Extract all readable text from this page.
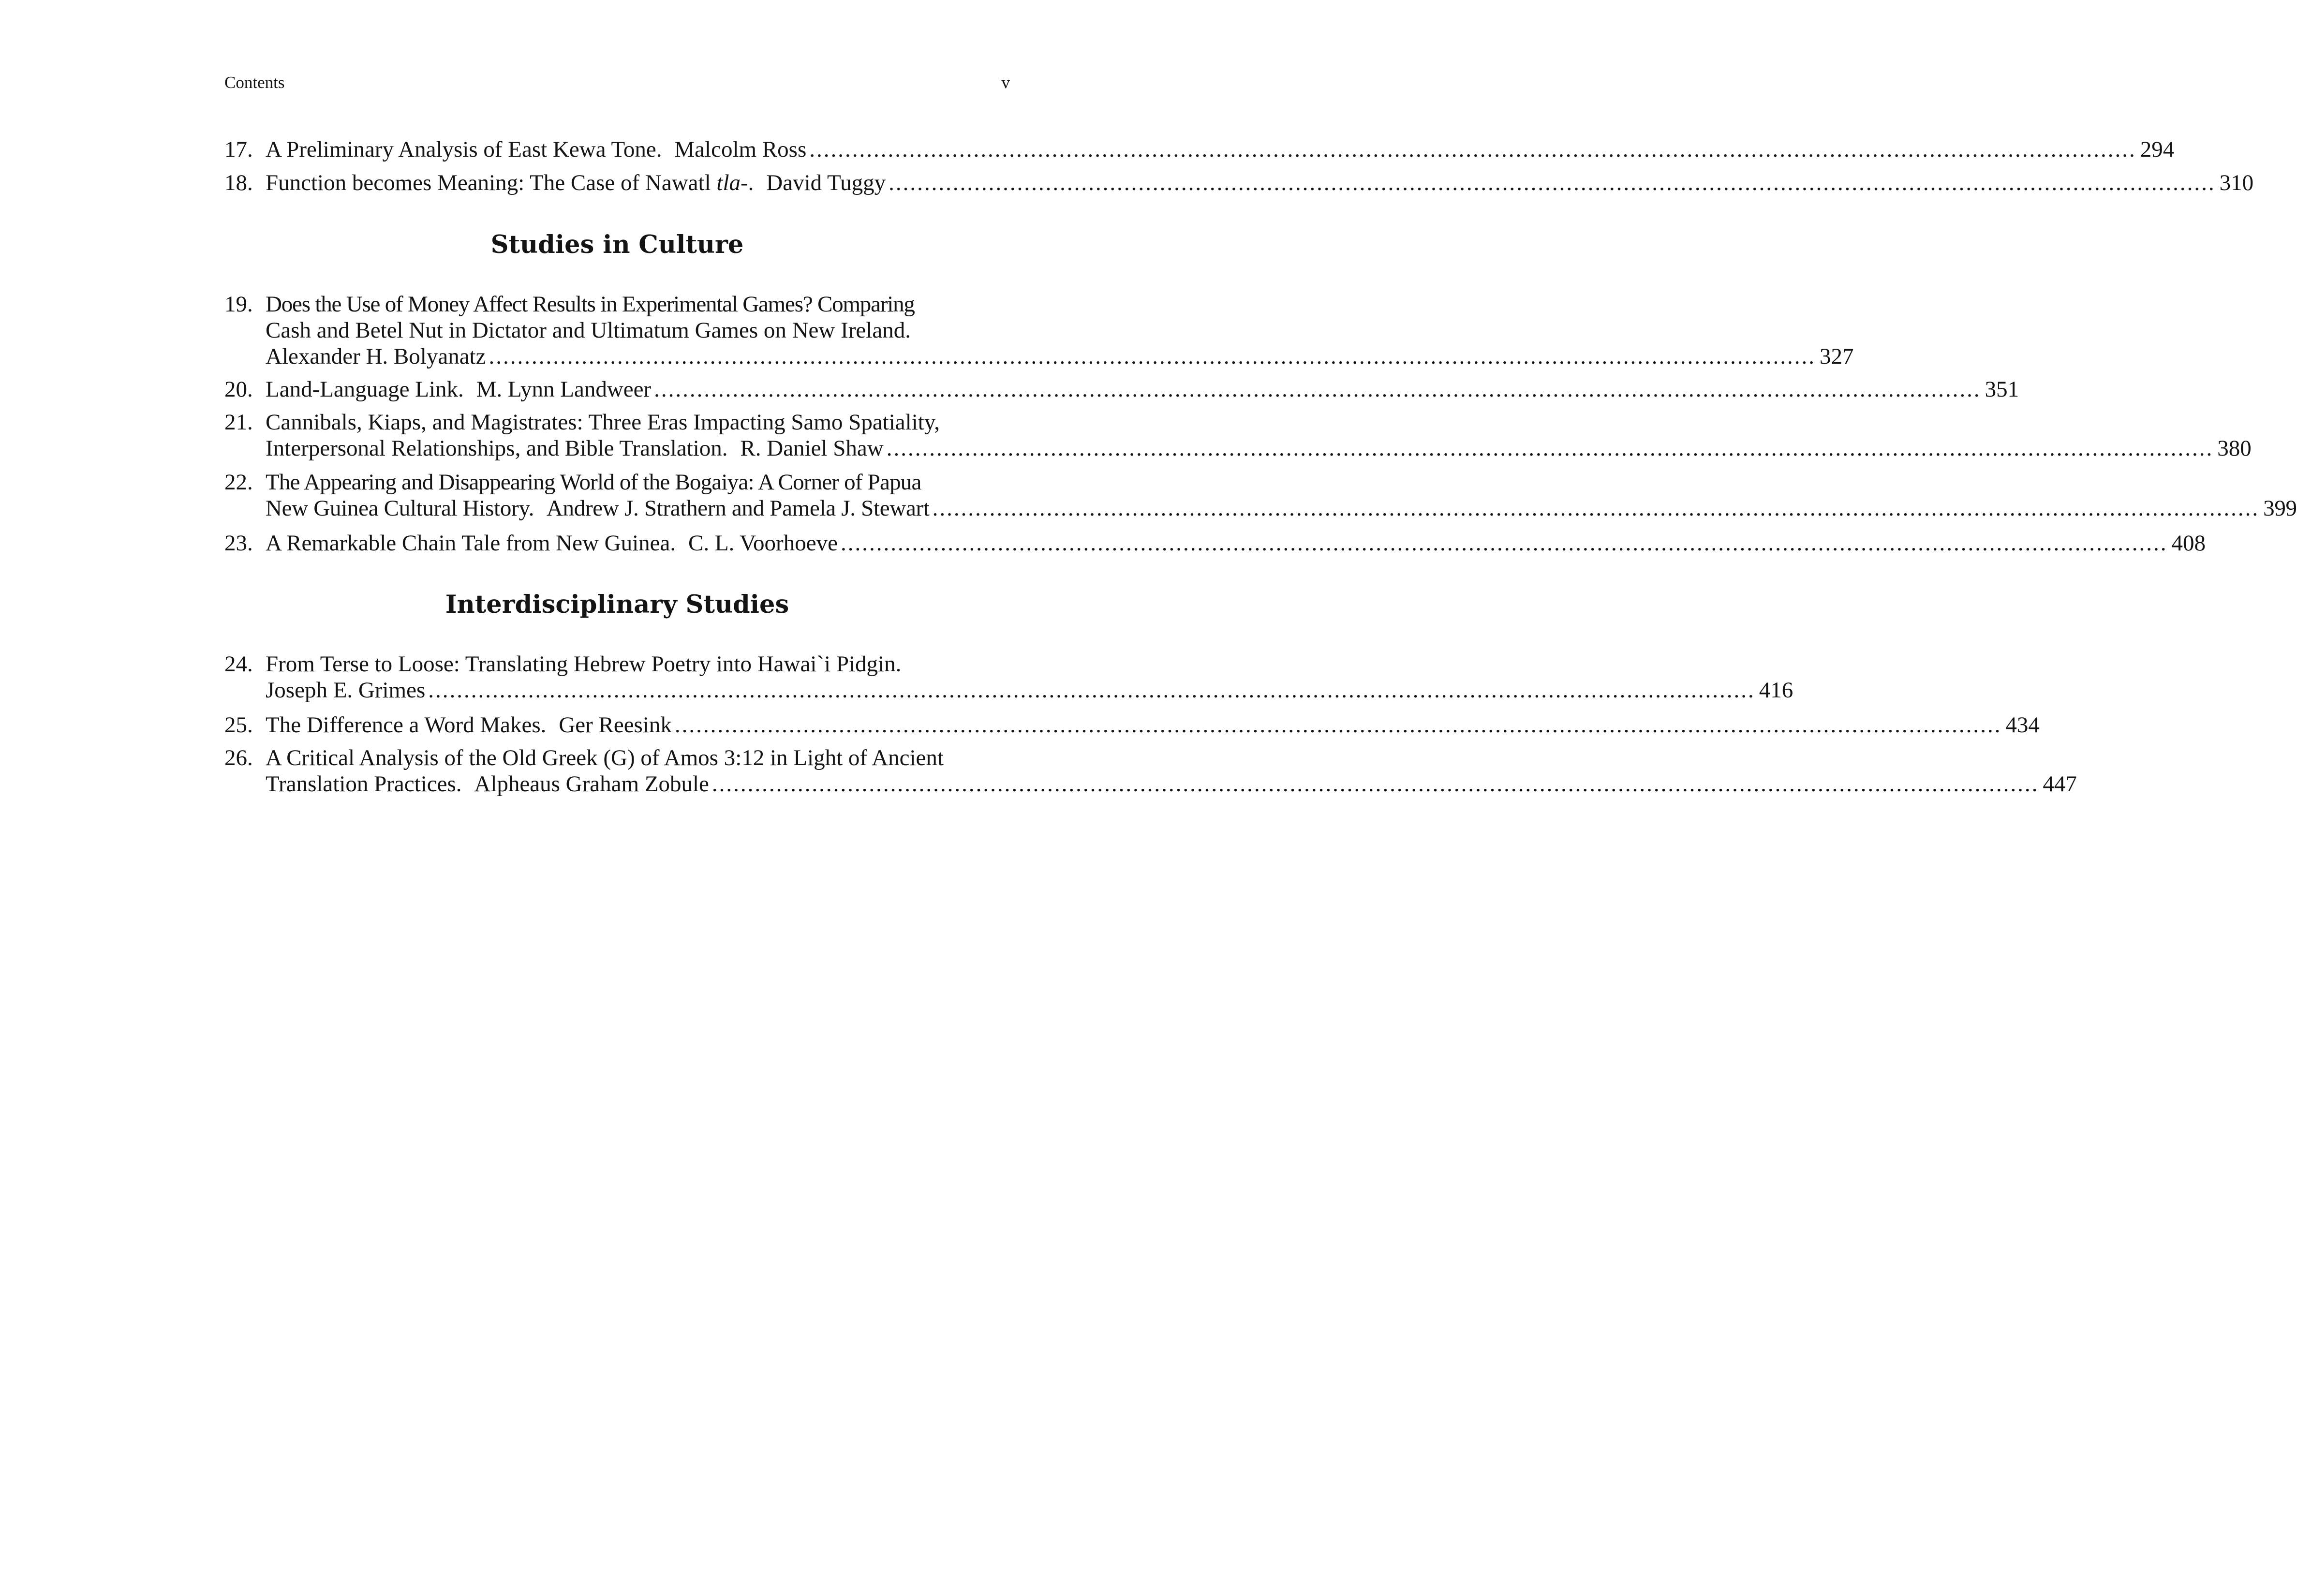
Contents	v
17. A Preliminary Analysis of East Kewa Tone. Malcolm Ross .......................................................................................................................................................................................... 294
18. Function becomes Meaning: The Case of Nawatl tla-. David Tuggy .......................................................................................................................................................................................... 310
Studies in Culture
19. Does the Use of Money Affect Results in Experimental Games? Comparing
Cash and Betel Nut in Dictator and Ultimatum Games on New Ireland.
Alexander H. Bolyanatz .......................................................................................................................................................................................... 327
20. Land-Language Link. M. Lynn Landweer .......................................................................................................................................................................................... 351
21. Cannibals, Kiaps, and Magistrates: Three Eras Impacting Samo Spatiality,
Interpersonal Relationships, and Bible Translation. R. Daniel Shaw .......................................................................................................................................................................................... 380
22. The Appearing and Disappearing World of the Bogaiya: A Corner of Papua
New Guinea Cultural History. Andrew J. Strathern and Pamela J. Stewart .......................................................................................................................................................................................... 399
23. A Remarkable Chain Tale from New Guinea. C. L. Voorhoeve .......................................................................................................................................................................................... 408
Interdisciplinary Studies
24. From Terse to Loose: Translating Hebrew Poetry into Hawai`i Pidgin.
Joseph E. Grimes .......................................................................................................................................................................................... 416
25. The Difference a Word Makes. Ger Reesink .......................................................................................................................................................................................... 434
26. A Critical Analysis of the Old Greek (G) of Amos 3:12 in Light of Ancient
Translation Practices. Alpheaus Graham Zobule .......................................................................................................................................................................................... 447
